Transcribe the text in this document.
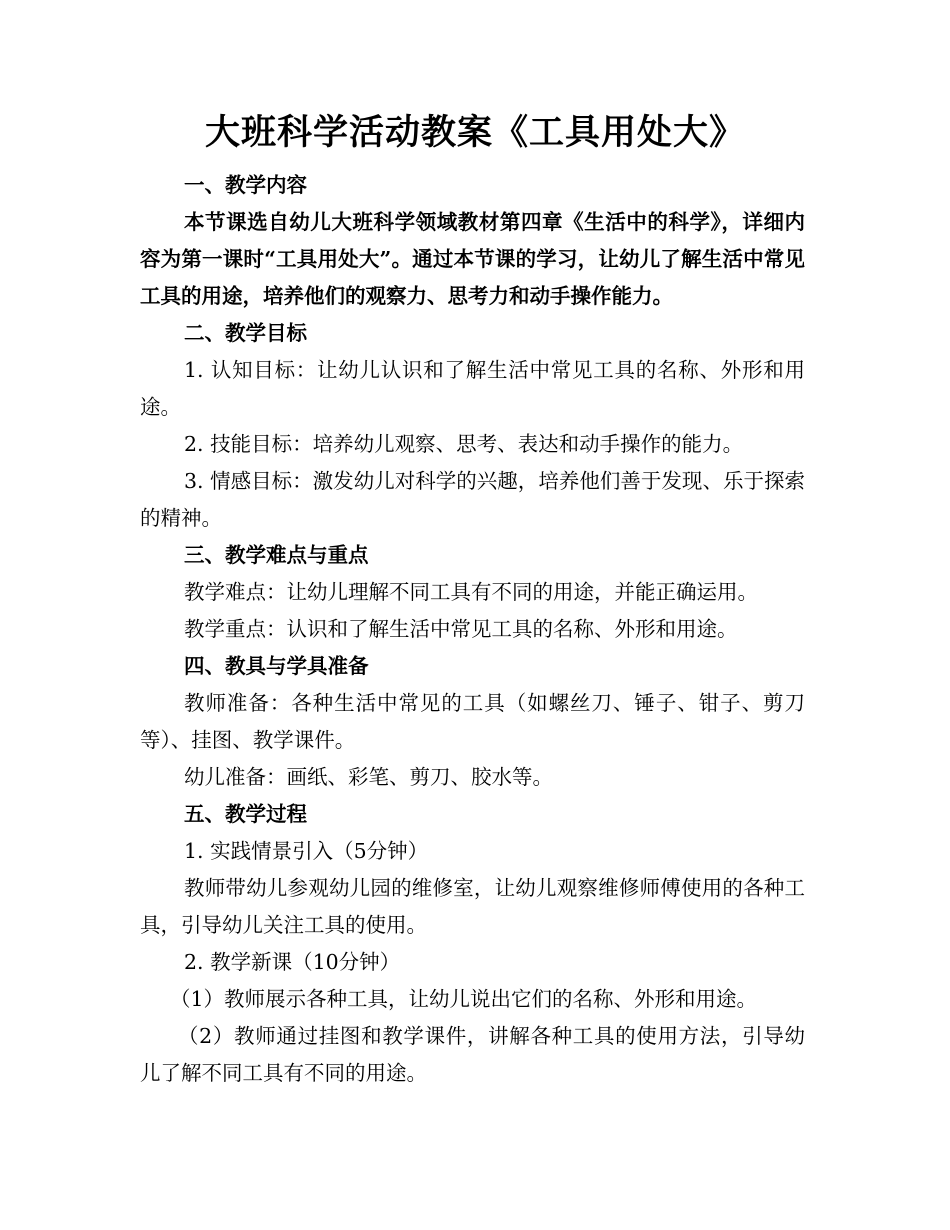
大班科学活动教案《工具用处大》
一、教学内容
本节课选自幼儿大班科学领域教材第四章《生活中的科学》，详细内容为第一课时“工具用处大”。通过本节课的学习，让幼儿了解生活中常见工具的用途，培养他们的观察力、思考力和动手操作能力。
二、教学目标
1. 认知目标：让幼儿认识和了解生活中常见工具的名称、外形和用途。
2. 技能目标：培养幼儿观察、思考、表达和动手操作的能力。
3. 情感目标：激发幼儿对科学的兴趣，培养他们善于发现、乐于探索的精神。
三、教学难点与重点
教学难点：让幼儿理解不同工具有不同的用途，并能正确运用。
教学重点：认识和了解生活中常见工具的名称、外形和用途。
四、教具与学具准备
教师准备：各种生活中常见的工具（如螺丝刀、锤子、钳子、剪刀等）、挂图、教学课件。
幼儿准备：画纸、彩笔、剪刀、胶水等。
五、教学过程
1. 实践情景引入（5分钟）
教师带幼儿参观幼儿园的维修室，让幼儿观察维修师傅使用的各种工具，引导幼儿关注工具的使用。
2. 教学新课（10分钟）
（1）教师展示各种工具，让幼儿说出它们的名称、外形和用途。
（2）教师通过挂图和教学课件，讲解各种工具的使用方法，引导幼儿了解不同工具有不同的用途。
